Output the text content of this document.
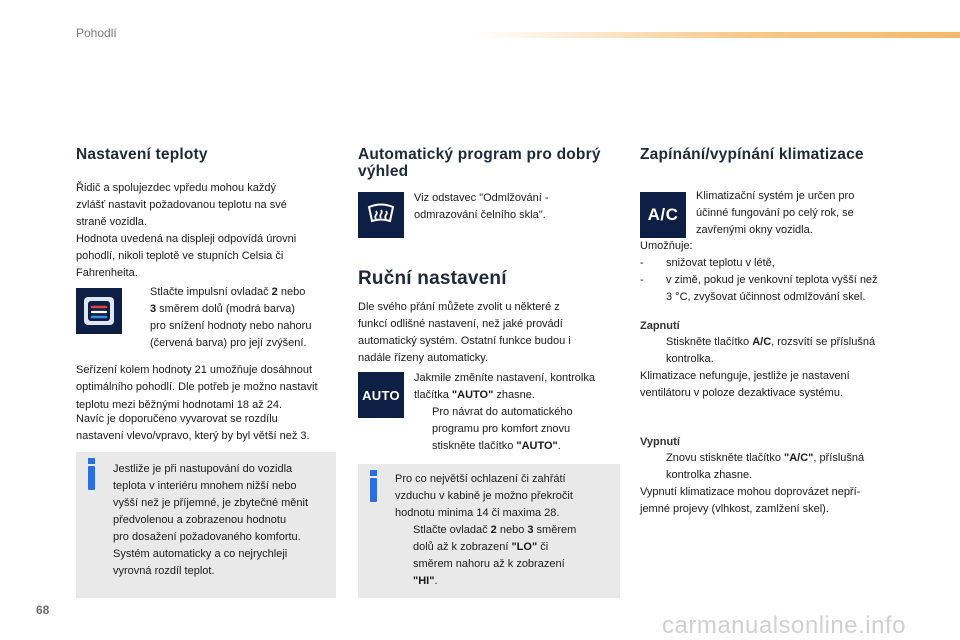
Pohodlí
Nastavení teploty
Řidič a spolujezdec vpředu mohou každý
zvlášť nastavit požadovanou teplotu na své
straně vozidla.
Hodnota uvedená na displeji odpovídá úrovni
pohodlí, nikoli teplotě ve stupních Celsia či
Fahrenheita.
Stlačte impulsní ovladač 2 nebo
3 směrem dolů (modrá barva)
pro snížení hodnoty nebo nahoru
(červená barva) pro její zvýšení.
Seřízení kolem hodnoty 21 umožňuje dosáhnout
optimálního pohodlí. Dle potřeb je možno nastavit
teplotu mezi běžnými hodnotami 18 až 24.
Navíc je doporučeno vyvarovat se rozdílu
nastavení vlevo/vpravo, který by byl větší než 3.
Jestliže je při nastupování do vozidla
teplota v interiéru mnohem nižší nebo
vyšší než je příjemné, je zbytečné měnit
předvolenou a zobrazenou hodnotu
pro dosažení požadovaného komfortu.
Systém automaticky a co nejrychleji
vyrovná rozdíl teplot.
Automatický program pro dobrý
výhled
Viz odstavec "Odmlžování -
odmrazování čelního skla".
Ruční nastavení
Dle svého přání můžete zvolit u některé z
funkcí odlišné nastavení, než jaké provádí
automatický systém. Ostatní funkce budou i
nadále řízeny automaticky.
AUTO
Jakmile změníte nastavení, kontrolka
tlačítka "AUTO" zhasne.
Pro návrat do automatického
programu pro komfort znovu
stiskněte tlačítko "AUTO".
Pro co největší ochlazení či zahřátí
vzduchu v kabině je možno překročit
hodnotu minima 14 či maxima 28.
Stlačte ovladač 2 nebo 3 směrem
dolů až k zobrazení "LO" či
směrem nahoru až k zobrazení
"HI".
Zapínání/vypínání klimatizace
A/C
Klimatizační systém je určen pro
účinné fungování po celý rok, se
zavřenými okny vozidla.
Umožňuje:
-	snižovat teplotu v létě,
-	v zimě, pokud je venkovní teplota vyšší než
3 °C, zvyšovat účinnost odmlžování skel.
Zapnutí
Stiskněte tlačítko A/C, rozsvítí se příslušná
kontrolka.
Klimatizace nefunguje, jestliže je nastavení
ventilátoru v poloze dezaktivace systému.
Vypnutí
Znovu stiskněte tlačítko "A/C", příslušná
kontrolka zhasne.
Vypnutí klimatizace mohou doprovázet nepří-
jemné projevy (vlhkost, zamlžení skel).
68
carmanualsonline.info
